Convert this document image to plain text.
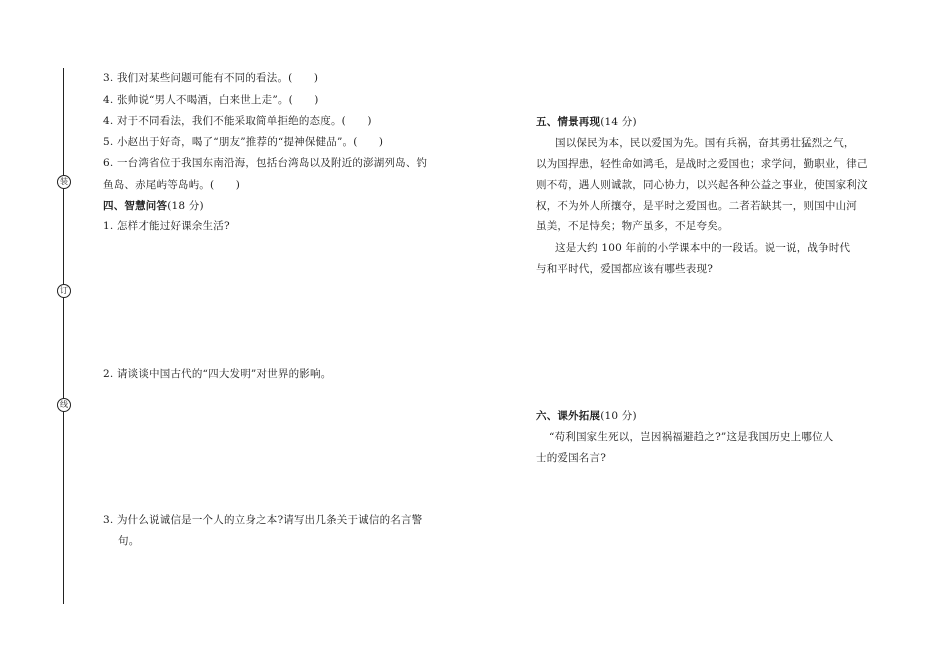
装
订
线
3. 我们对某些问题可能有不同的看法。(　　)
4. 张帅说“男人不喝酒，白来世上走”。(　　)
4. 对于不同看法，我们不能采取简单拒绝的态度。(　　)
5. 小赵出于好奇，喝了“朋友”推荐的“提神保健品”。(　　)
6. 一台湾省位于我国东南沿海，包括台湾岛以及附近的澎湖列岛、钓
鱼岛、赤尾屿等岛屿。(　　)
四、智慧问答(18 分)
1. 怎样才能过好课余生活?
2. 请谈谈中国古代的“四大发明”对世界的影响。
3. 为什么说诚信是一个人的立身之本?请写出几条关于诚信的名言警
句。
五、情景再现(14 分)
国以保民为本，民以爱国为先。国有兵祸，奋其勇壮猛烈之气，
以为国捍患，轻性命如鸿毛，是战时之爱国也；求学问，勤职业，律己
则不苟，遇人则诚款，同心协力，以兴起各种公益之事业，使国家利汶
权，不为外人所攘夺，是平时之爱国也。二者若缺其一，则国中山河
虽美，不足恃矣；物产虽多，不足夸矣。
这是大约 100 年前的小学课本中的一段话。说一说，战争时代
与和平时代，爱国都应该有哪些表现?
六、课外拓展(10 分)
“苟利国家生死以，岂因祸福避趋之?”这是我国历史上哪位人
士的爱国名言?
